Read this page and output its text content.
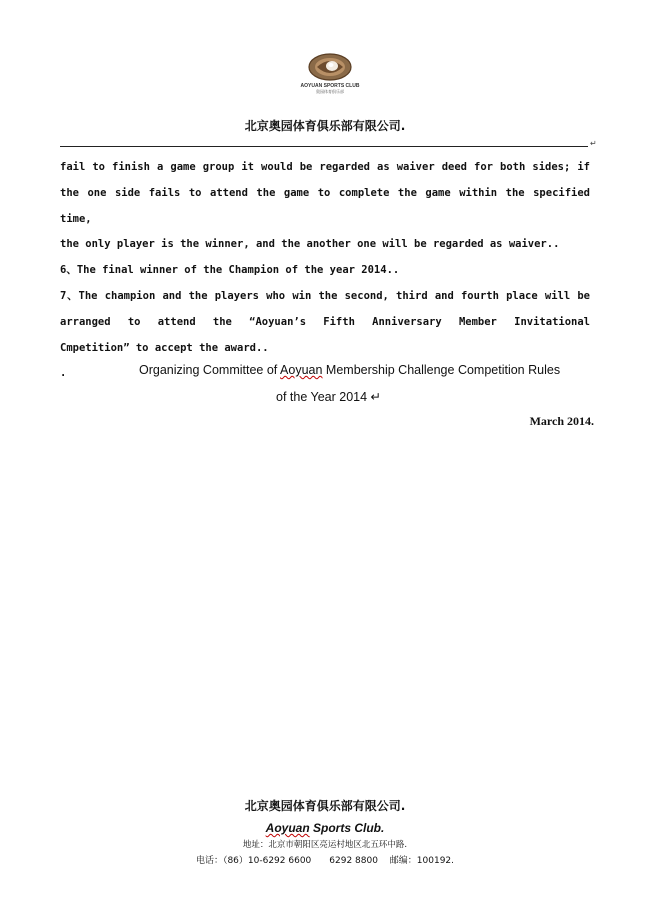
AOYUAN SPORTS CLUB
奥园体育俱乐部
北京奥园体育俱乐部有限公司.
↵

fail to finish a game group it would be regarded as waiver deed for both sides; if

the one side fails to attend the game to complete the game within the specified time,

the only player is the winner, and the another one will be regarded as waiver..

6、The final winner of the Champion of the year 2014..

7、The champion and the players who win the second, third and fourth place will be

arranged to attend the “Aoyuan’s Fifth Anniversary Member Invitational

Cmpetition” to accept the award..

.	Organizing Committee of Aoyuan Membership Challenge Competition Rules
of the Year 2014 ↵
March 2014.
北京奥园体育俱乐部有限公司.
Aoyuan Sports Club.
地址：北京市朝阳区亮运村地区北五环中路.
电话：（86）10-6292 6600　　6292 8800　 邮编：100192.
